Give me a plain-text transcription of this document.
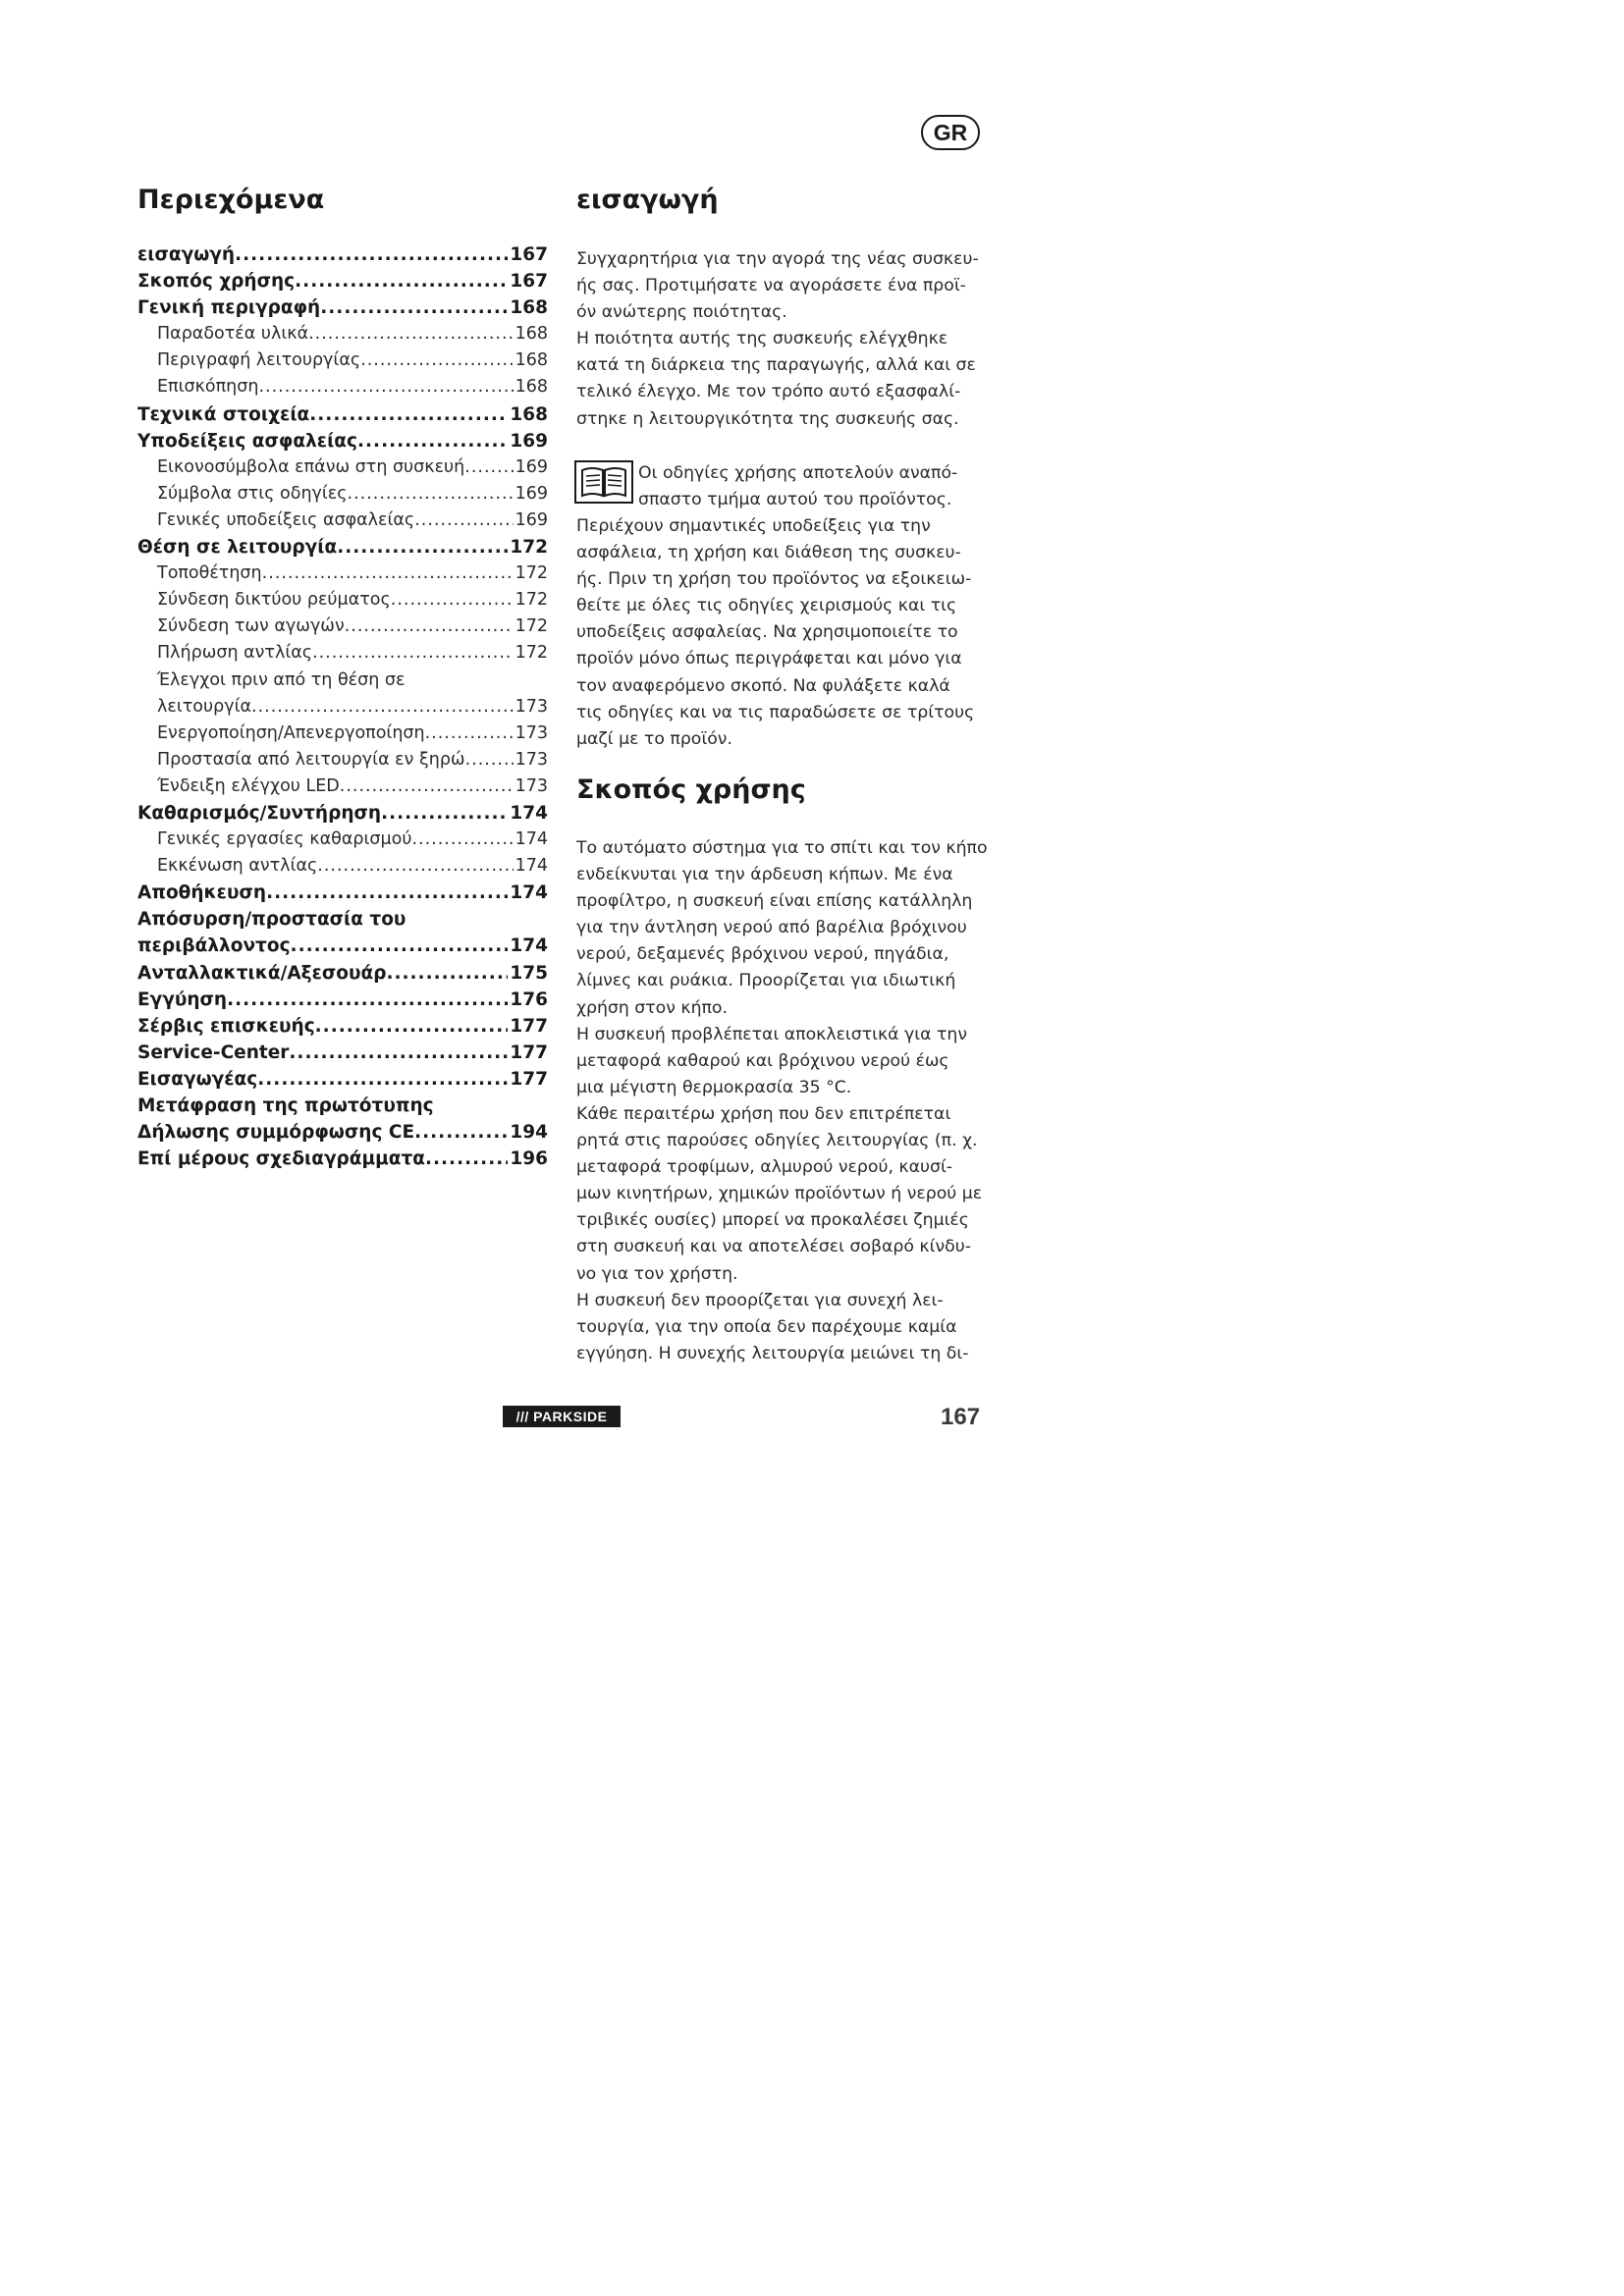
GR
Περιεχόμενα
εισαγωγή .....	167
Σκοπός χρήσης .....	167
Γενική περιγραφή .....	168
Παραδοτέα υλικά .....	168
Περιγραφή λειτουργίας .....	168
Επισκόπηση .....	168
Τεχνικά στοιχεία .....	168
Υποδείξεις ασφαλείας .....	169
Εικονοσύμβολα επάνω στη συσκευή .....	169
Σύμβολα στις οδηγίες .....	169
Γενικές υποδείξεις ασφαλείας .....	169
Θέση σε λειτουργία .....	172
Τοποθέτηση .....	172
Σύνδεση δικτύου ρεύματος .....	172
Σύνδεση των αγωγών .....	172
Πλήρωση αντλίας .....	172
Έλεγχοι πριν από τη θέση σε
λειτουργία .....	173
Ενεργοποίηση/Απενεργοποίηση .....	173
Προστασία από λειτουργία εν ξηρώ .....	173
Ένδειξη ελέγχου LED .....	173
Καθαρισμός/Συντήρηση .....	174
Γενικές εργασίες καθαρισμού .....	174
Εκκένωση αντλίας .....	174
Αποθήκευση .....	174
Απόσυρση/προστασία του
περιβάλλοντος .....	174
Ανταλλακτικά/Αξεσουάρ .....	175
Εγγύηση .....	176
Σέρβις επισκευής .....	177
Service-Center .....	177
Εισαγωγέας .....	177
Μετάφραση της πρωτότυπης
Δήλωσης συμμόρφωσης CE .....	194
Επί μέρους σχεδιαγράμματα .....	196
εισαγωγή
Συγχαρητήρια για την αγορά της νέας συσκευ-
ής σας. Προτιμήσατε να αγοράσετε ένα προϊ-
όν ανώτερης ποιότητας.
Η ποιότητα αυτής της συσκευής ελέγχθηκε
κατά τη διάρκεια της παραγωγής, αλλά και σε
τελικό έλεγχο. Με τον τρόπο αυτό εξασφαλί-
στηκε η λειτουργικότητα της συσκευής σας.
Οι οδηγίες χρήσης αποτελούν αναπό-
σπαστο τμήμα αυτού του προϊόντος.
Περιέχουν σημαντικές υποδείξεις για την
ασφάλεια, τη χρήση και διάθεση της συσκευ-
ής. Πριν τη χρήση του προϊόντος να εξοικειω-
θείτε με όλες τις οδηγίες χειρισμούς και τις
υποδείξεις ασφαλείας. Να χρησιμοποιείτε το
προϊόν μόνο όπως περιγράφεται και μόνο για
τον αναφερόμενο σκοπό. Να φυλάξετε καλά
τις οδηγίες και να τις παραδώσετε σε τρίτους
μαζί με το προϊόν.
Σκοπός χρήσης
Το αυτόματο σύστημα για το σπίτι και τον κήπο
ενδείκνυται για την άρδευση κήπων. Με ένα
προφίλτρο, η συσκευή είναι επίσης κατάλληλη
για την άντληση νερού από βαρέλια βρόχινου
νερού, δεξαμενές βρόχινου νερού, πηγάδια,
λίμνες και ρυάκια. Προορίζεται για ιδιωτική
χρήση στον κήπο.
Η συσκευή προβλέπεται αποκλειστικά για την
μεταφορά καθαρού και βρόχινου νερού έως
μια μέγιστη θερμοκρασία 35 °C.
Κάθε περαιτέρω χρήση που δεν επιτρέπεται
ρητά στις παρούσες οδηγίες λειτουργίας (π. χ.
μεταφορά τροφίμων, αλμυρού νερού, καυσί-
μων κινητήρων, χημικών προϊόντων ή νερού με
τριβικές ουσίες) μπορεί να προκαλέσει ζημιές
στη συσκευή και να αποτελέσει σοβαρό κίνδυ-
νο για τον χρήστη.
Η συσκευή δεν προορίζεται για συνεχή λει-
τουργία, για την οποία δεν παρέχουμε καμία
εγγύηση. Η συνεχής λειτουργία μειώνει τη δι-
/// PARKSIDE	167
